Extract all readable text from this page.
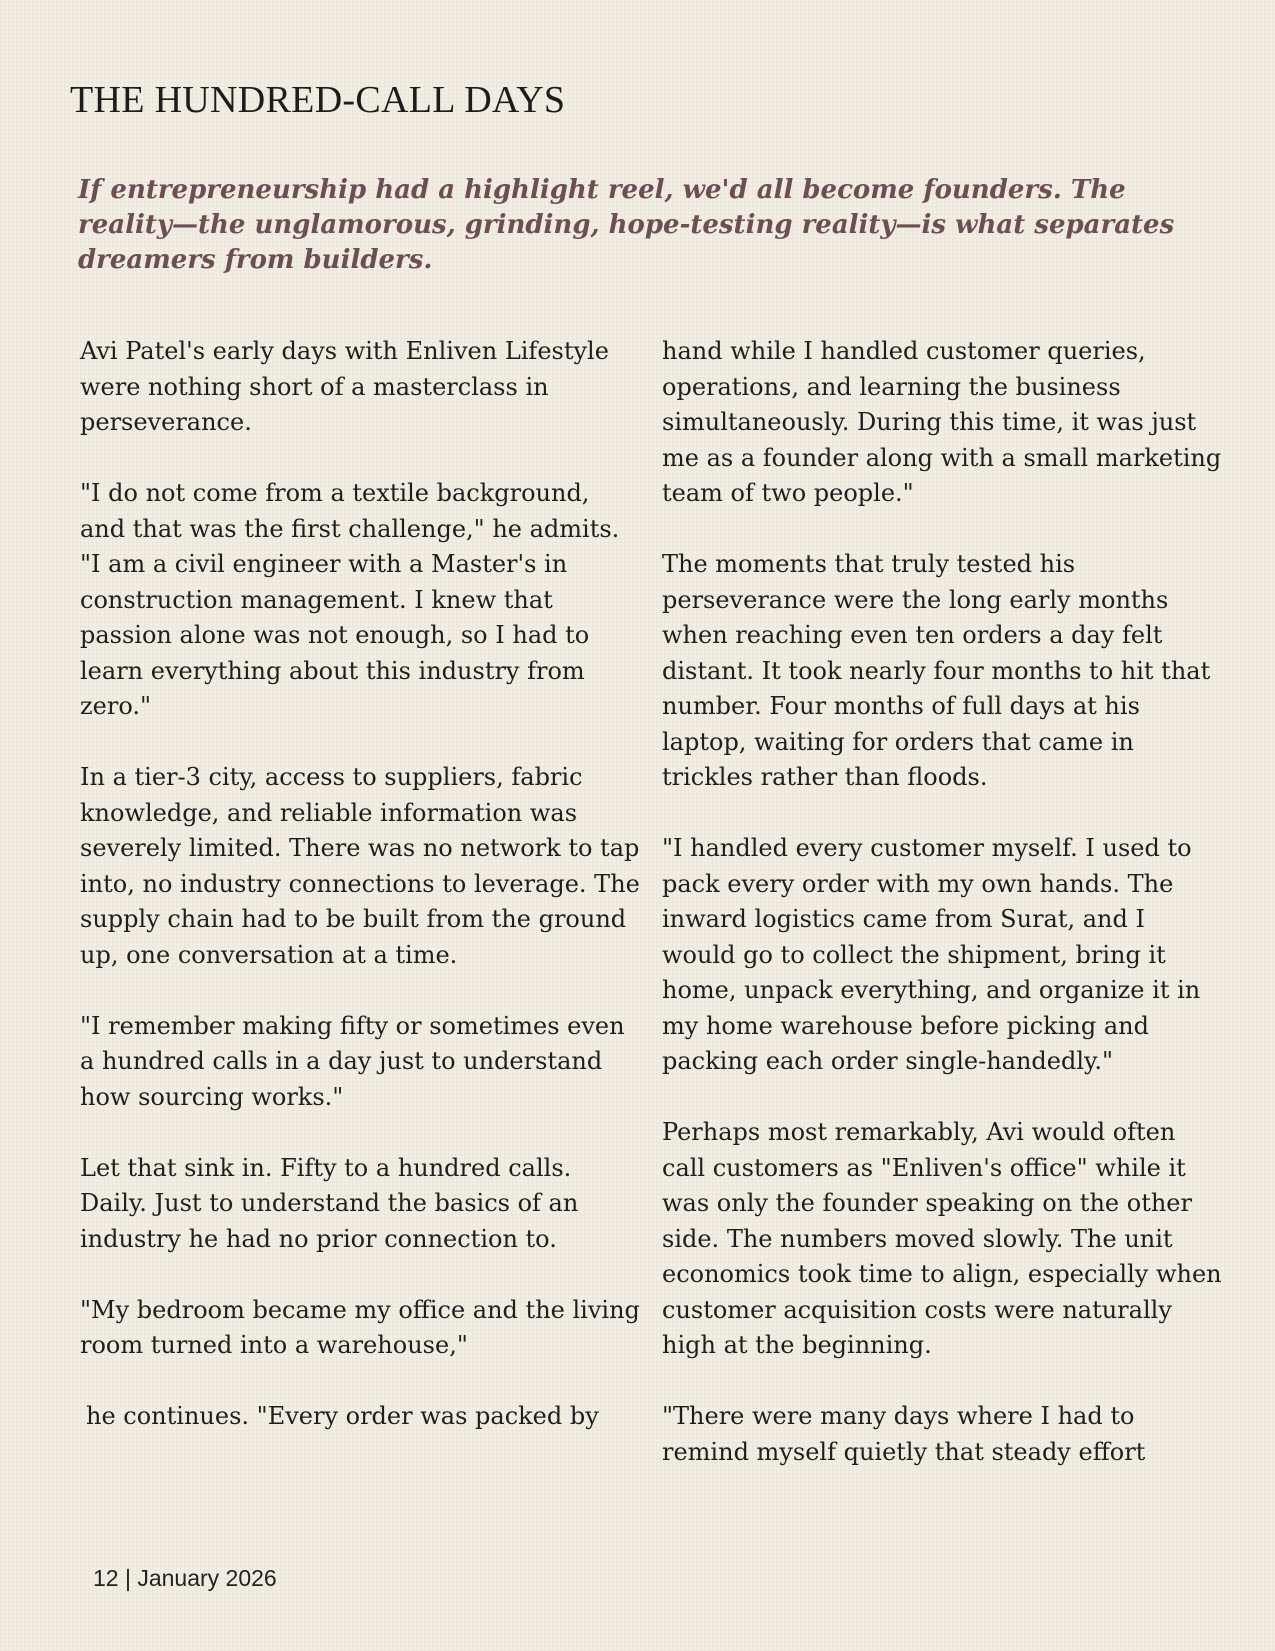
THE HUNDRED-CALL DAYS

If entrepreneurship had a highlight reel, we'd all become founders. The reality—the unglamorous, grinding, hope-testing reality—is what separates dreamers from builders.

Avi Patel's early days with Enliven Lifestyle were nothing short of a masterclass in perseverance.

"I do not come from a textile background, and that was the first challenge," he admits. "I am a civil engineer with a Master's in construction management. I knew that passion alone was not enough, so I had to learn everything about this industry from zero."

In a tier-3 city, access to suppliers, fabric knowledge, and reliable information was severely limited. There was no network to tap into, no industry connections to leverage. The supply chain had to be built from the ground up, one conversation at a time.

"I remember making fifty or sometimes even a hundred calls in a day just to understand how sourcing works."

Let that sink in. Fifty to a hundred calls. Daily. Just to understand the basics of an industry he had no prior connection to.

"My bedroom became my office and the living room turned into a warehouse,"

he continues. "Every order was packed by

hand while I handled customer queries, operations, and learning the business simultaneously. During this time, it was just me as a founder along with a small marketing team of two people."

The moments that truly tested his perseverance were the long early months when reaching even ten orders a day felt distant. It took nearly four months to hit that number. Four months of full days at his laptop, waiting for orders that came in trickles rather than floods.

"I handled every customer myself. I used to pack every order with my own hands. The inward logistics came from Surat, and I would go to collect the shipment, bring it home, unpack everything, and organize it in my home warehouse before picking and packing each order single-handedly."

Perhaps most remarkably, Avi would often call customers as "Enliven's office" while it was only the founder speaking on the other side. The numbers moved slowly. The unit economics took time to align, especially when customer acquisition costs were naturally high at the beginning.

"There were many days where I had to remind myself quietly that steady effort

12 | January 2026
